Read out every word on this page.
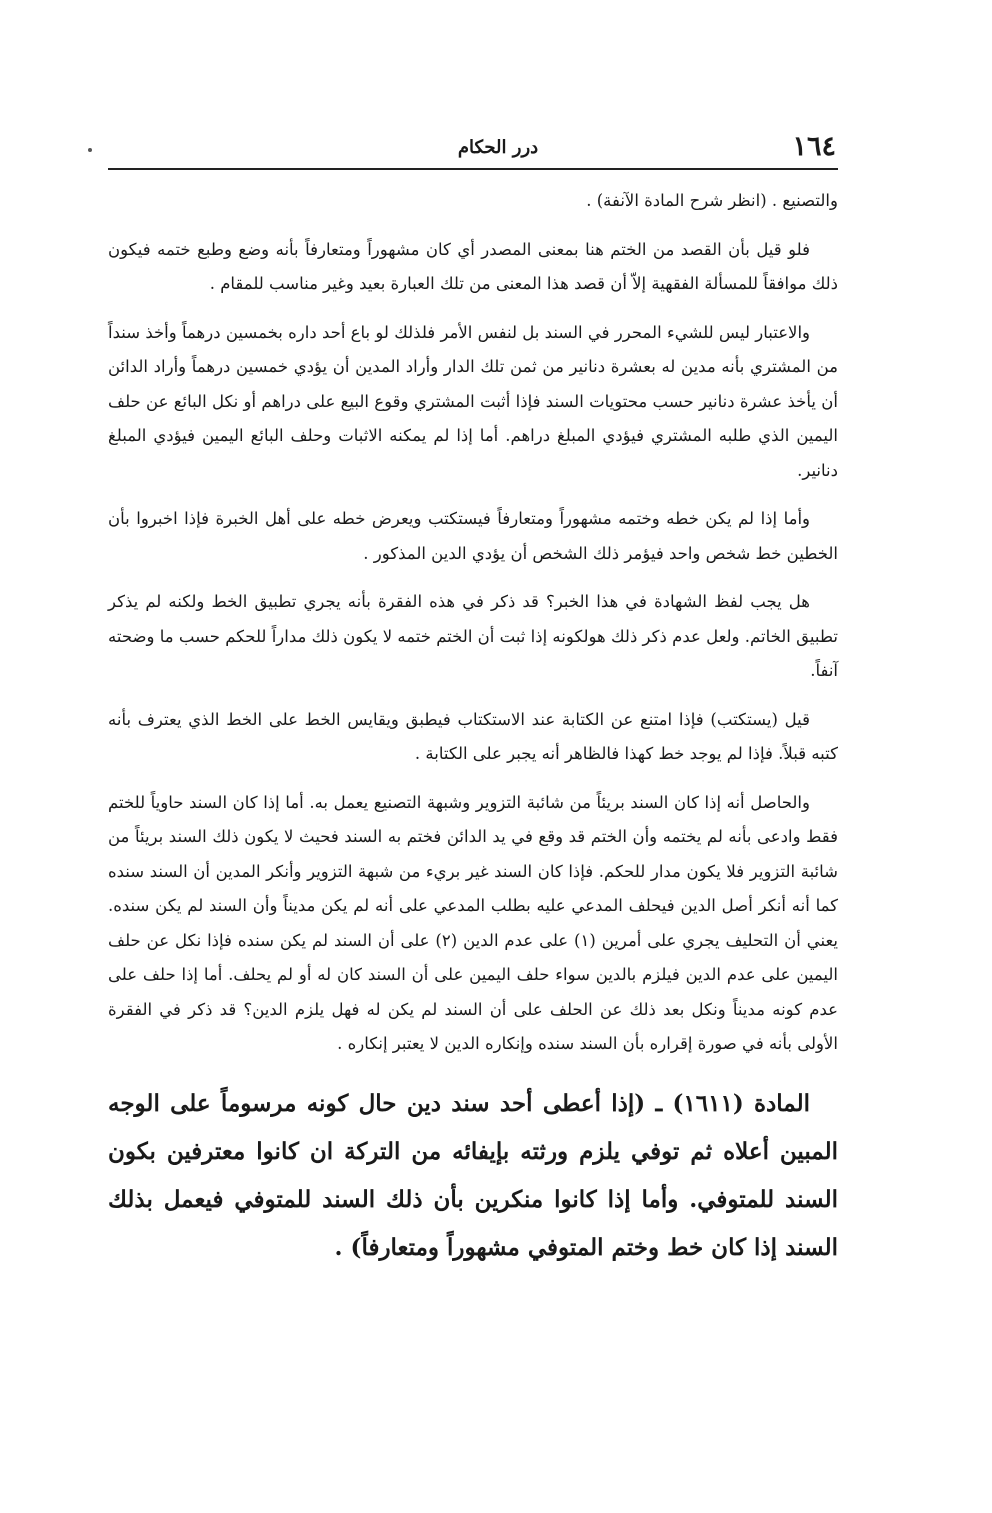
١٦٤
درر الحكام

والتصنيع . (انظر شرح المادة الآنفة) .

فلو قيل بأن القصد من الختم هنا بمعنى المصدر أي كان مشهوراً ومتعارفاً بأنه وضع وطبع ختمه فيكون ذلك موافقاً للمسألة الفقهية إلاّ أن قصد هذا المعنى من تلك العبارة بعيد وغير مناسب للمقام .

والاعتبار ليس للشيء المحرر في السند بل لنفس الأمر فلذلك لو باع أحد داره بخمسين درهماً وأخذ سنداً من المشتري بأنه مدين له بعشرة دنانير من ثمن تلك الدار وأراد المدين أن يؤدي خمسين درهماً وأراد الدائن أن يأخذ عشرة دنانير حسب محتويات السند فإذا أثبت المشتري وقوع البيع على دراهم أو نكل البائع عن حلف اليمين الذي طلبه المشتري فيؤدي المبلغ دراهم. أما إذا لم يمكنه الاثبات وحلف البائع اليمين فيؤدي المبلغ دنانير.

وأما إذا لم يكن خطه وختمه مشهوراً ومتعارفاً فيستكتب ويعرض خطه على أهل الخبرة فإذا اخبروا بأن الخطين خط شخص واحد فيؤمر ذلك الشخص أن يؤدي الدين المذكور .

هل يجب لفظ الشهادة في هذا الخبر؟ قد ذكر في هذه الفقرة بأنه يجري تطبيق الخط ولكنه لم يذكر تطبيق الخاتم. ولعل عدم ذكر ذلك هولكونه إذا ثبت أن الختم ختمه لا يكون ذلك مداراً للحكم حسب ما وضحته آنفاً.

قيل (يستكتب) فإذا امتنع عن الكتابة عند الاستكتاب فيطبق ويقايس الخط على الخط الذي يعترف بأنه كتبه قبلاً. فإذا لم يوجد خط كهذا فالظاهر أنه يجبر على الكتابة .

والحاصل أنه إذا كان السند بريئاً من شائبة التزوير وشبهة التصنيع يعمل به. أما إذا كان السند حاوياً للختم فقط وادعى بأنه لم يختمه وأن الختم قد وقع في يد الدائن فختم به السند فحيث لا يكون ذلك السند بريئاً من شائبة التزوير فلا يكون مدار للحكم. فإذا كان السند غير بريء من شبهة التزوير وأنكر المدين أن السند سنده كما أنه أنكر أصل الدين فيحلف المدعي عليه بطلب المدعي على أنه لم يكن مديناً وأن السند لم يكن سنده. يعني أن التحليف يجري على أمرين (١) على عدم الدين (٢) على أن السند لم يكن سنده فإذا نكل عن حلف اليمين على عدم الدين فيلزم بالدين سواء حلف اليمين على أن السند كان له أو لم يحلف. أما إذا حلف على عدم كونه مديناً ونكل بعد ذلك عن الحلف على أن السند لم يكن له فهل يلزم الدين؟ قد ذكر في الفقرة الأولى بأنه في صورة إقراره بأن السند سنده وإنكاره الدين لا يعتبر إنكاره .

المادة (١٦١١) ـ (إذا أعطى أحد سند دين حال كونه مرسوماً على الوجه المبين أعلاه ثم توفي يلزم ورثته بإيفائه من التركة ان كانوا معترفين بكون السند للمتوفي. وأما إذا كانوا منكرين بأن ذلك السند للمتوفي فيعمل بذلك السند إذا كان خط وختم المتوفي مشهوراً ومتعارفاً) .
